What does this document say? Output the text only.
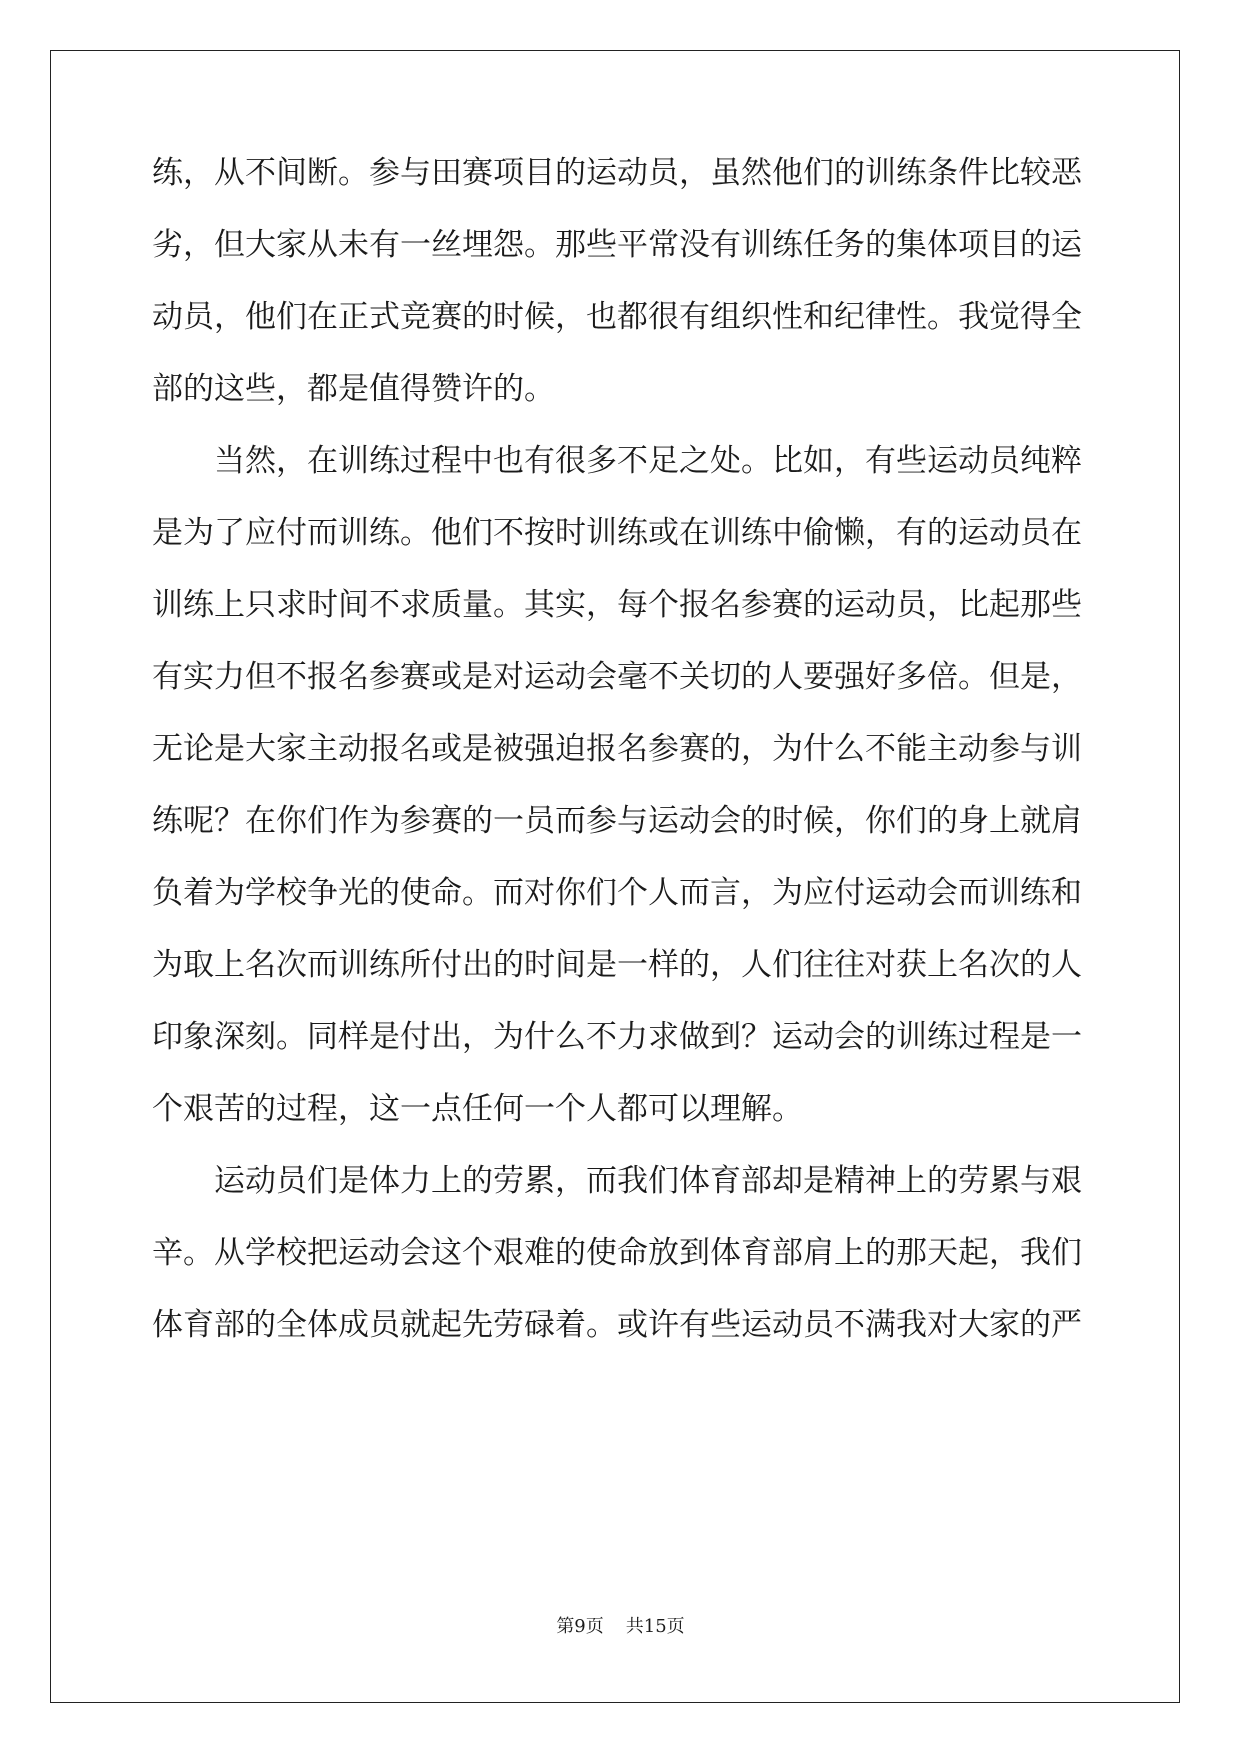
练，从不间断。参与田赛项目的运动员，虽然他们的训练条件比较恶
劣，但大家从未有一丝埋怨。那些平常没有训练任务的集体项目的运
动员，他们在正式竞赛的时候，也都很有组织性和纪律性。我觉得全
部的这些，都是值得赞许的。
当然，在训练过程中也有很多不足之处。比如，有些运动员纯粹
是为了应付而训练。他们不按时训练或在训练中偷懒，有的运动员在
训练上只求时间不求质量。其实，每个报名参赛的运动员，比起那些
有实力但不报名参赛或是对运动会毫不关切的人要强好多倍。但是，
无论是大家主动报名或是被强迫报名参赛的，为什么不能主动参与训
练呢？在你们作为参赛的一员而参与运动会的时候，你们的身上就肩
负着为学校争光的使命。而对你们个人而言，为应付运动会而训练和
为取上名次而训练所付出的时间是一样的，人们往往对获上名次的人
印象深刻。同样是付出，为什么不力求做到？运动会的训练过程是一
个艰苦的过程，这一点任何一个人都可以理解。
运动员们是体力上的劳累，而我们体育部却是精神上的劳累与艰
辛。从学校把运动会这个艰难的使命放到体育部肩上的那天起，我们
体育部的全体成员就起先劳碌着。或许有些运动员不满我对大家的严
第9页 共15页
